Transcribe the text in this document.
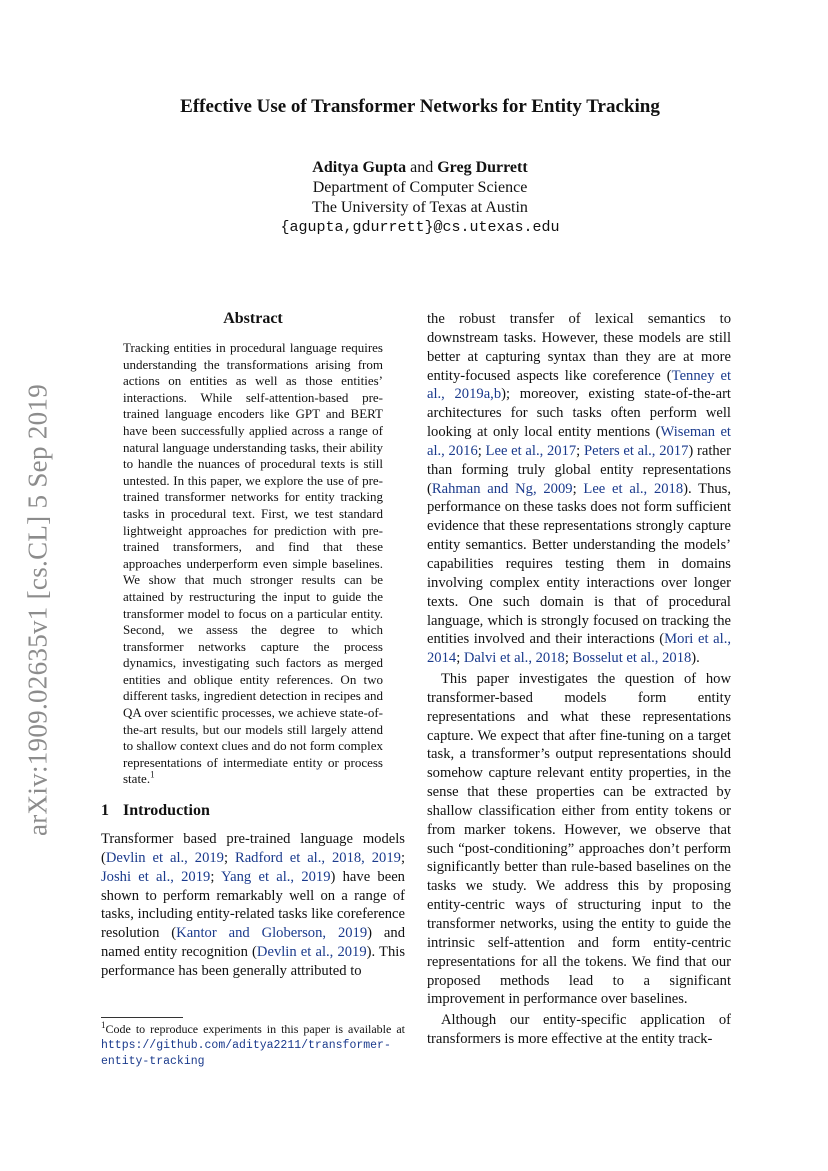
arXiv:1909.02635v1 [cs.CL] 5 Sep 2019
Effective Use of Transformer Networks for Entity Tracking
Aditya Gupta and Greg Durrett
Department of Computer Science
The University of Texas at Austin
{agupta,gdurrett}@cs.utexas.edu
Abstract
Tracking entities in procedural language requires understanding the transformations arising from actions on entities as well as those entities’ interactions. While self-attention-based pre-trained language encoders like GPT and BERT have been successfully applied across a range of natural language understanding tasks, their ability to handle the nuances of procedural texts is still untested. In this paper, we explore the use of pre-trained transformer networks for entity tracking tasks in procedural text. First, we test standard lightweight approaches for prediction with pre-trained transformers, and find that these approaches underperform even simple baselines. We show that much stronger results can be attained by restructuring the input to guide the transformer model to focus on a particular entity. Second, we assess the degree to which transformer networks capture the process dynamics, investigating such factors as merged entities and oblique entity references. On two different tasks, ingredient detection in recipes and QA over scientific processes, we achieve state-of-the-art results, but our models still largely attend to shallow context clues and do not form complex representations of intermediate entity or process state.$^1$
1 Introduction

Transformer based pre-trained language models (Devlin et al., 2019; Radford et al., 2018, 2019; Joshi et al., 2019; Yang et al., 2019) have been shown to perform remarkably well on a range of tasks, including entity-related tasks like coreference resolution (Kantor and Globerson, 2019) and named entity recognition (Devlin et al., 2019). This performance has been generally attributed to

the robust transfer of lexical semantics to downstream tasks. However, these models are still better at capturing syntax than they are at more entity-focused aspects like coreference (Tenney et al., 2019a,b); moreover, existing state-of-the-art architectures for such tasks often perform well looking at only local entity mentions (Wiseman et al., 2016; Lee et al., 2017; Peters et al., 2017) rather than forming truly global entity representations (Rahman and Ng, 2009; Lee et al., 2018). Thus, performance on these tasks does not form sufficient evidence that these representations strongly capture entity semantics. Better understanding the models’ capabilities requires testing them in domains involving complex entity interactions over longer texts. One such domain is that of procedural language, which is strongly focused on tracking the entities involved and their interactions (Mori et al., 2014; Dalvi et al., 2018; Bosselut et al., 2018).

This paper investigates the question of how transformer-based models form entity representations and what these representations capture. We expect that after fine-tuning on a target task, a transformer’s output representations should somehow capture relevant entity properties, in the sense that these properties can be extracted by shallow classification either from entity tokens or from marker tokens. However, we observe that such “post-conditioning” approaches don’t perform significantly better than rule-based baselines on the tasks we study. We address this by proposing entity-centric ways of structuring input to the transformer networks, using the entity to guide the intrinsic self-attention and form entity-centric representations for all the tokens. We find that our proposed methods lead to a significant improvement in performance over baselines.

Although our entity-specific application of transformers is more effective at the entity track-

$^1$Code to reproduce experiments in this paper is available at https://github.com/aditya2211/transformer-entity-tracking
